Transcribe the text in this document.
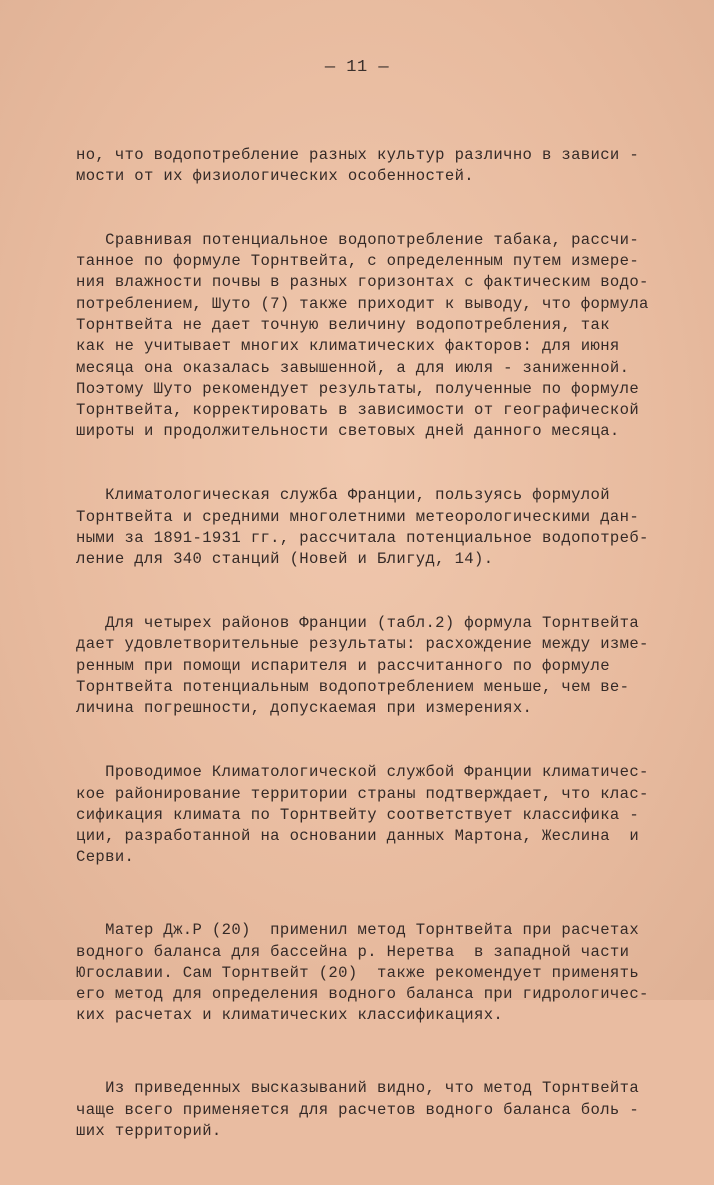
— 11 —

но, что водопотребление разных культур различно в зависи -
мости от их физиологических особенностей.

Сравнивая потенциальное водопотребление табака, рассчи-
танное по формуле Торнтвейта, с определенным путем измере-
ния влажности почвы в разных горизонтах с фактическим водо-
потреблением, Шуто (7) также приходит к выводу, что формула
Торнтвейта не дает точную величину водопотребления, так
как не учитывает многих климатических факторов: для июня
месяца она оказалась завышенной, а для июля - заниженной.
Поэтому Шуто рекомендует результаты, полученные по формуле
Торнтвейта, корректировать в зависимости от географической
ширoты и продолжительности световых дней данного месяца.

Климатологическая служба Франции, пользуясь формулой
Торнтвейта и средними многолетними метеорологическими дан-
ными за 1891-1931 гг., рассчитала потенциальное водопотреб-
ление для 340 станций (Новей и Блигуд, 14).

Для четырех районов Франции (табл.2) формула Торнтвейта
дает удовлетворительные результаты: расхождение между изме-
ренным при помощи испарителя и рассчитанного по формуле
Торнтвейта потенциальным водопотреблением меньше, чем ве-
личина погрешности, допускаемая при измерениях.

Проводимое Климатологической службой Франции климатичес-
кое районирование территории страны подтверждает, что клас-
сификация климата по Торнтвейту соответствует классифика -
ции, разработанной на основании данных Мартона, Жеслина  и
Серви.

Матер Дж.Р (20)  применил метод Торнтвейта при расчетах
водного баланса для бассейна р. Неретва  в западной части
Югославии. Сам Торнтвейт (20)  также рекомендует применять
его метод для определения водного баланса при гидрологичес-
ких расчетах и климатических классификациях.

Из приведенных высказываний видно, что метод Торнтвейта
чаще всего применяется для расчетов водного баланса боль -
ших территорий.
